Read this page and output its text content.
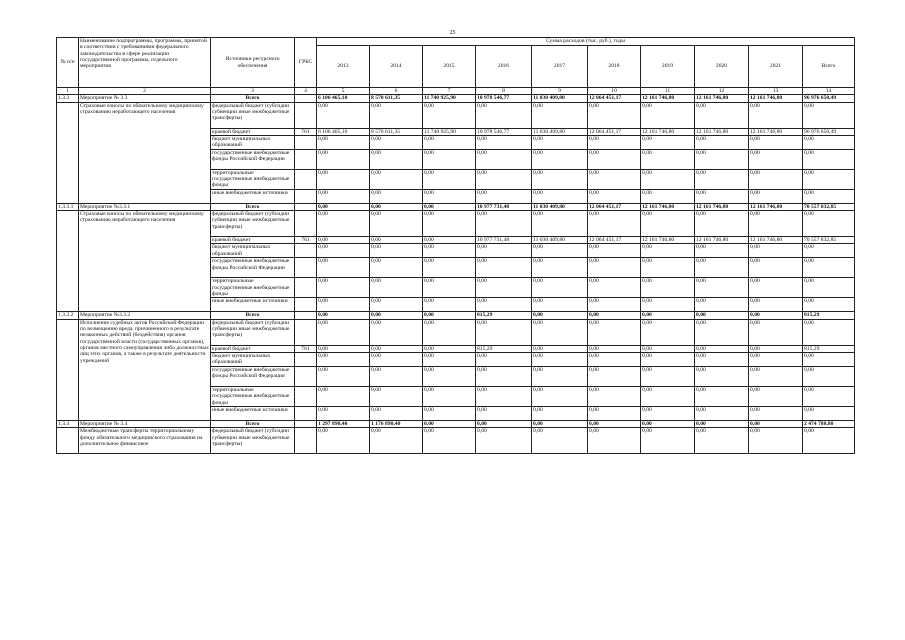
25
№ п/п	Наименование подпрограммы, программы, принятой в соответствии с требованиями федерального законодательства в сфере реализации государственной программы, отдельного мероприятия	Источники ресурсного обеспечения	ГРБС	Сумма расходов (тыс. руб.), годы									
				2013	2014	2015	2016	2017	2018	2019	2020	2021	Всего
1	2	3	4	5	6	7	8	9	10	11	12	13	14
1.3.3	Мероприятие № 3.3	Всего		6 106 465,10	8 570 611,35	11 740 925,90	10 978 546,77	11 030 409,80	12 064 451,17	12 161 746,80	12 161 746,80	12 161 746,80	96 976 650,49
	Страховые взносы по обязательному медицинскому страхованию неработающего населения	федеральный бюджет (субсидии субвенции иные межбюджетные трансферты)		0,00	0,00	0,00	0,00	0,00	0,00	0,00	0,00	0,00	0,00
		краевой бюджет	761	6 106 465,10	8 570 611,35	11 740 925,90	10 978 546,77	11 030 409,80	12 064 451,17	12 161 746,80	12 161 746,80	12 161 746,80	96 976 650,49
		бюджет муниципальных образований		0,00	0,00	0,00	0,00	0,00	0,00	0,00	0,00	0,00	0,00
		государственные внебюджетные фонды Российской Федерации		0,00	0,00	0,00	0,00	0,00	0,00	0,00	0,00	0,00	0,00
		территориальные государственные внебюджетные фонды		0,00	0,00	0,00	0,00	0,00	0,00	0,00	0,00	0,00	0,00
		иные внебюджетные источники		0,00	0,00	0,00	0,00	0,00	0,00	0,00	0,00	0,00	0,00
1.3.3.1	Мероприятие №3.3.1	Всего		0,00	0,00	0,00	10 977 731,48	11 030 409,80	12 064 451,17	12 161 746,80	12 161 746,80	12 161 746,80	70 557 832,85
	Страховые взносы по обязательному медицинскому страхованию неработающего населения	федеральный бюджет (субсидии субвенции иные межбюджетные трансферты)		0,00	0,00	0,00	0,00	0,00	0,00	0,00	0,00	0,00	0,00
		краевой бюджет	761	0,00	0,00	0,00	10 977 731,48	11 030 409,80	12 064 451,17	12 161 746,80	12 161 746,80	12 161 746,80	70 557 832,85
		бюджет муниципальных образований		0,00	0,00	0,00	0,00	0,00	0,00	0,00	0,00	0,00	0,00
		государственные внебюджетные фонды Российской Федерации		0,00	0,00	0,00	0,00	0,00	0,00	0,00	0,00	0,00	0,00
		территориальные государственные внебюджетные фонды		0,00	0,00	0,00	0,00	0,00	0,00	0,00	0,00	0,00	0,00
		иные внебюджетные источники		0,00	0,00	0,00	0,00	0,00	0,00	0,00	0,00	0,00	0,00
1.3.3.2	Мероприятие №3.3.2	Всего		0,00	0,00	0,00	815,29	0,00	0,00	0,00	0,00	0,00	815,29
	Исполнение судебных актов Российской Федерации по возмещению вреда, причиненного в результате незаконных действий (бездействия) органов государственной власти (государственных органов), органов местного самоуправления либо должностных лиц этих органов, а также в результате деятельности учреждений	федеральный бюджет (субсидии субвенции иные межбюджетные трансферты)		0,00	0,00	0,00	0,00	0,00	0,00	0,00	0,00	0,00	0,00
		краевой бюджет	761	0,00	0,00	0,00	815,29	0,00	0,00	0,00	0,00	0,00	815,29
		бюджет муниципальных образований		0,00	0,00	0,00	0,00	0,00	0,00	0,00	0,00	0,00	0,00
		государственные внебюджетные фонды Российской Федерации		0,00	0,00	0,00	0,00	0,00	0,00	0,00	0,00	0,00	0,00
		территориальные государственные внебюджетные фонды		0,00	0,00	0,00	0,00	0,00	0,00	0,00	0,00	0,00	0,00
		иные внебюджетные источники		0,00	0,00	0,00	0,00	0,00	0,00	0,00	0,00	0,00	0,00
1.3.4	Мероприятие № 3.4	Всего		1 297 890,40	1 176 890,40	0,00	0,00	0,00	0,00	0,00	0,00	0,00	2 474 780,80
	Межбюджетные трансферты территориальному фонду обязательного медицинского страхования на дополнительное финансовое	федеральный бюджет (субсидии субвенции иные межбюджетные трансферты)		0,00	0,00	0,00	0,00	0,00	0,00	0,00	0,00	0,00	0,00
